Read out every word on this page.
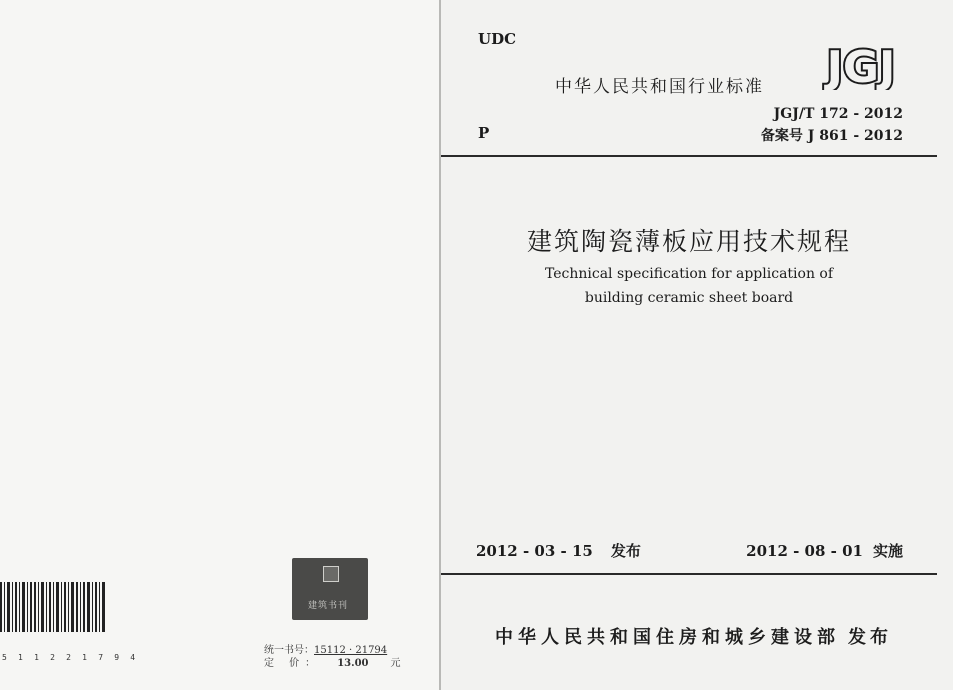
5 1 1 2 2 1 7 9 4
建筑书刊
统一书号：15112 · 21794
定 价： 13.00 元
UDC
中华人民共和国行业标准 JGJ
JGJ/T 172 - 2012
备案号 J 861 - 2012
P
建筑陶瓷薄板应用技术规程
Technical specification for application of
building ceramic sheet board
2012 - 03 - 15 发布	2012 - 08 - 01 实施
中华人民共和国住房和城乡建设部 发布
